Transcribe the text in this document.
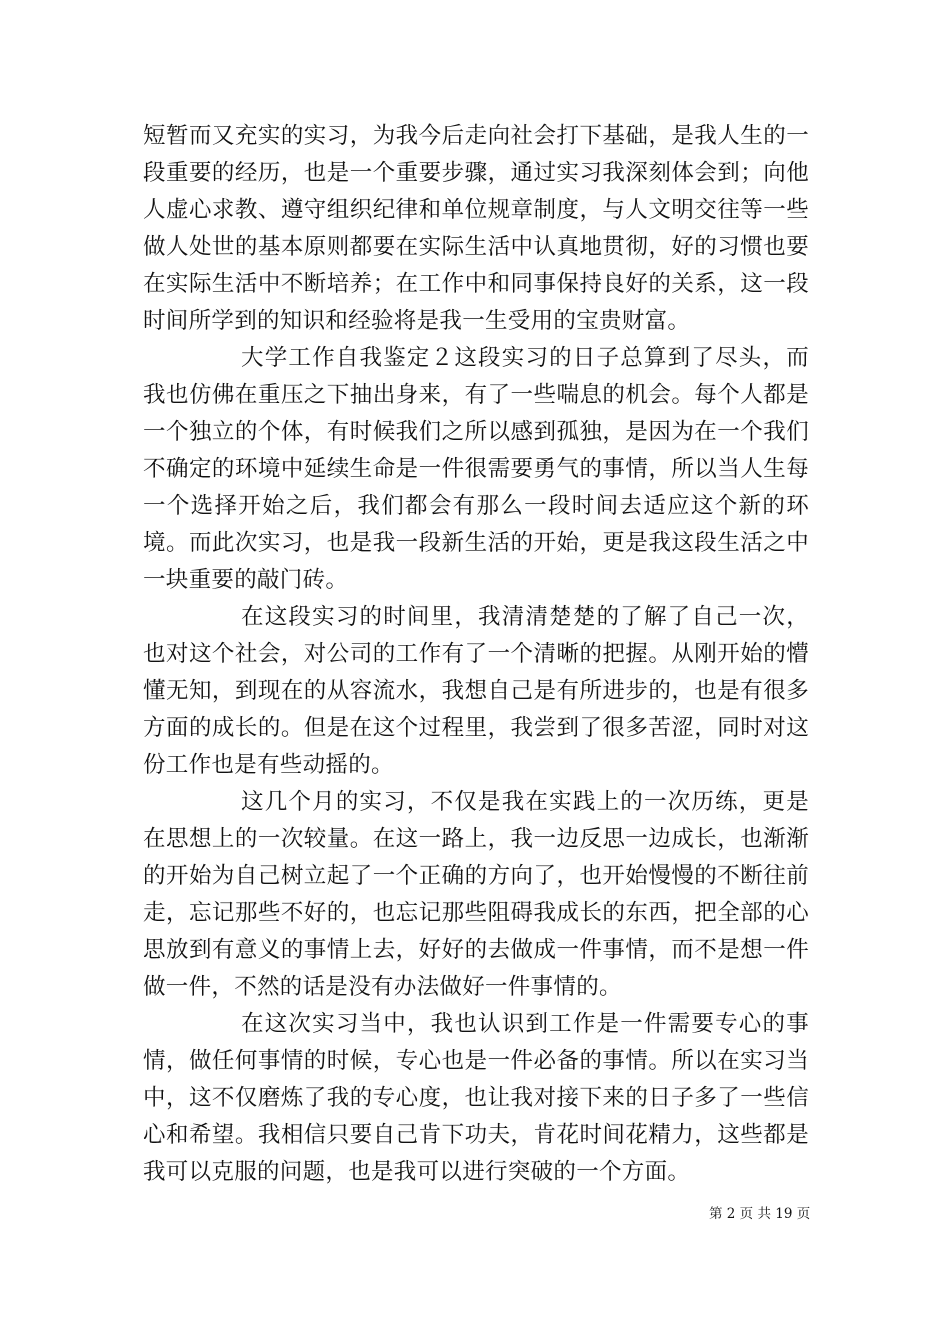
短暂而又充实的实习，为我今后走向社会打下基础，是我人生的一段重要的经历，也是一个重要步骤，通过实习我深刻体会到；向他人虚心求教、遵守组织纪律和单位规章制度，与人文明交往等一些做人处世的基本原则都要在实际生活中认真地贯彻，好的习惯也要在实际生活中不断培养；在工作中和同事保持良好的关系，这一段时间所学到的知识和经验将是我一生受用的宝贵财富。

大学工作自我鉴定２这段实习的日子总算到了尽头，而我也仿佛在重压之下抽出身来，有了一些喘息的机会。每个人都是一个独立的个体，有时候我们之所以感到孤独，是因为在一个我们不确定的环境中延续生命是一件很需要勇气的事情，所以当人生每一个选择开始之后，我们都会有那么一段时间去适应这个新的环境。而此次实习，也是我一段新生活的开始，更是我这段生活之中一块重要的敲门砖。

在这段实习的时间里，我清清楚楚的了解了自己一次，也对这个社会，对公司的工作有了一个清晰的把握。从刚开始的懵懂无知，到现在的从容流水，我想自己是有所进步的，也是有很多方面的成长的。但是在这个过程里，我尝到了很多苦涩，同时对这份工作也是有些动摇的。

这几个月的实习，不仅是我在实践上的一次历练，更是在思想上的一次较量。在这一路上，我一边反思一边成长，也渐渐的开始为自己树立起了一个正确的方向了，也开始慢慢的不断往前走，忘记那些不好的，也忘记那些阻碍我成长的东西，把全部的心思放到有意义的事情上去，好好的去做成一件事情，而不是想一件做一件，不然的话是没有办法做好一件事情的。

在这次实习当中，我也认识到工作是一件需要专心的事情，做任何事情的时候，专心也是一件必备的事情。所以在实习当中，这不仅磨炼了我的专心度，也让我对接下来的日子多了一些信心和希望。我相信只要自己肯下功夫，肯花时间花精力，这些都是我可以克服的问题，也是我可以进行突破的一个方面。

第 2 页 共 19 页
